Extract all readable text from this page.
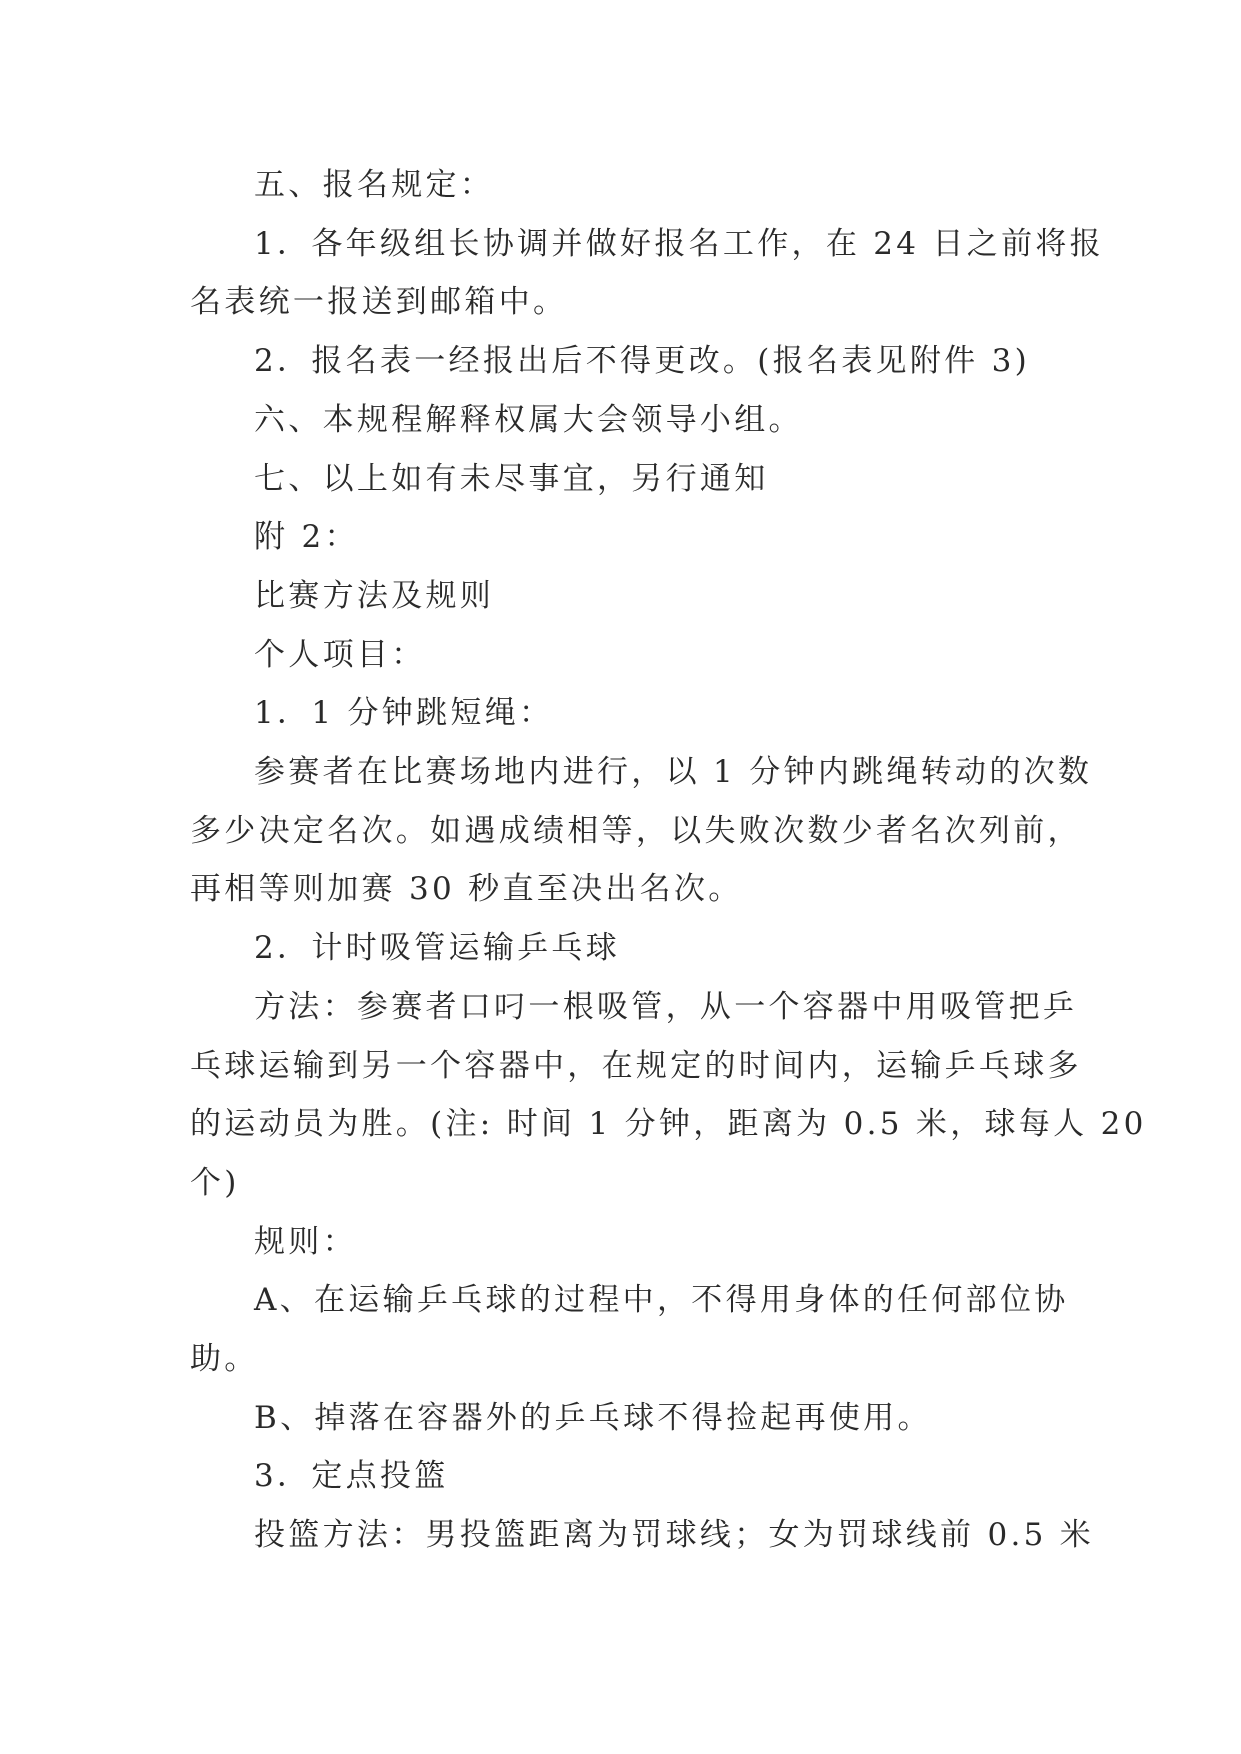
五、报名规定：
1．各年级组长协调并做好报名工作，在 24 日之前将报
名表统一报送到邮箱中。
2．报名表一经报出后不得更改。(报名表见附件 3)
六、本规程解释权属大会领导小组。
七、以上如有未尽事宜，另行通知
附 2：
比赛方法及规则
个人项目：
1．1 分钟跳短绳：
参赛者在比赛场地内进行，以 1 分钟内跳绳转动的次数
多少决定名次。如遇成绩相等，以失败次数少者名次列前，
再相等则加赛 30 秒直至决出名次。
2．计时吸管运输乒乓球
方法：参赛者口叼一根吸管，从一个容器中用吸管把乒
乓球运输到另一个容器中，在规定的时间内，运输乒乓球多
的运动员为胜。(注: 时间 1 分钟，距离为 0.5 米，球每人 20
个)
规则：
A、在运输乒乓球的过程中，不得用身体的任何部位协
助。
B、掉落在容器外的乒乓球不得捡起再使用。
3．定点投篮
投篮方法：男投篮距离为罚球线；女为罚球线前 0.5 米
